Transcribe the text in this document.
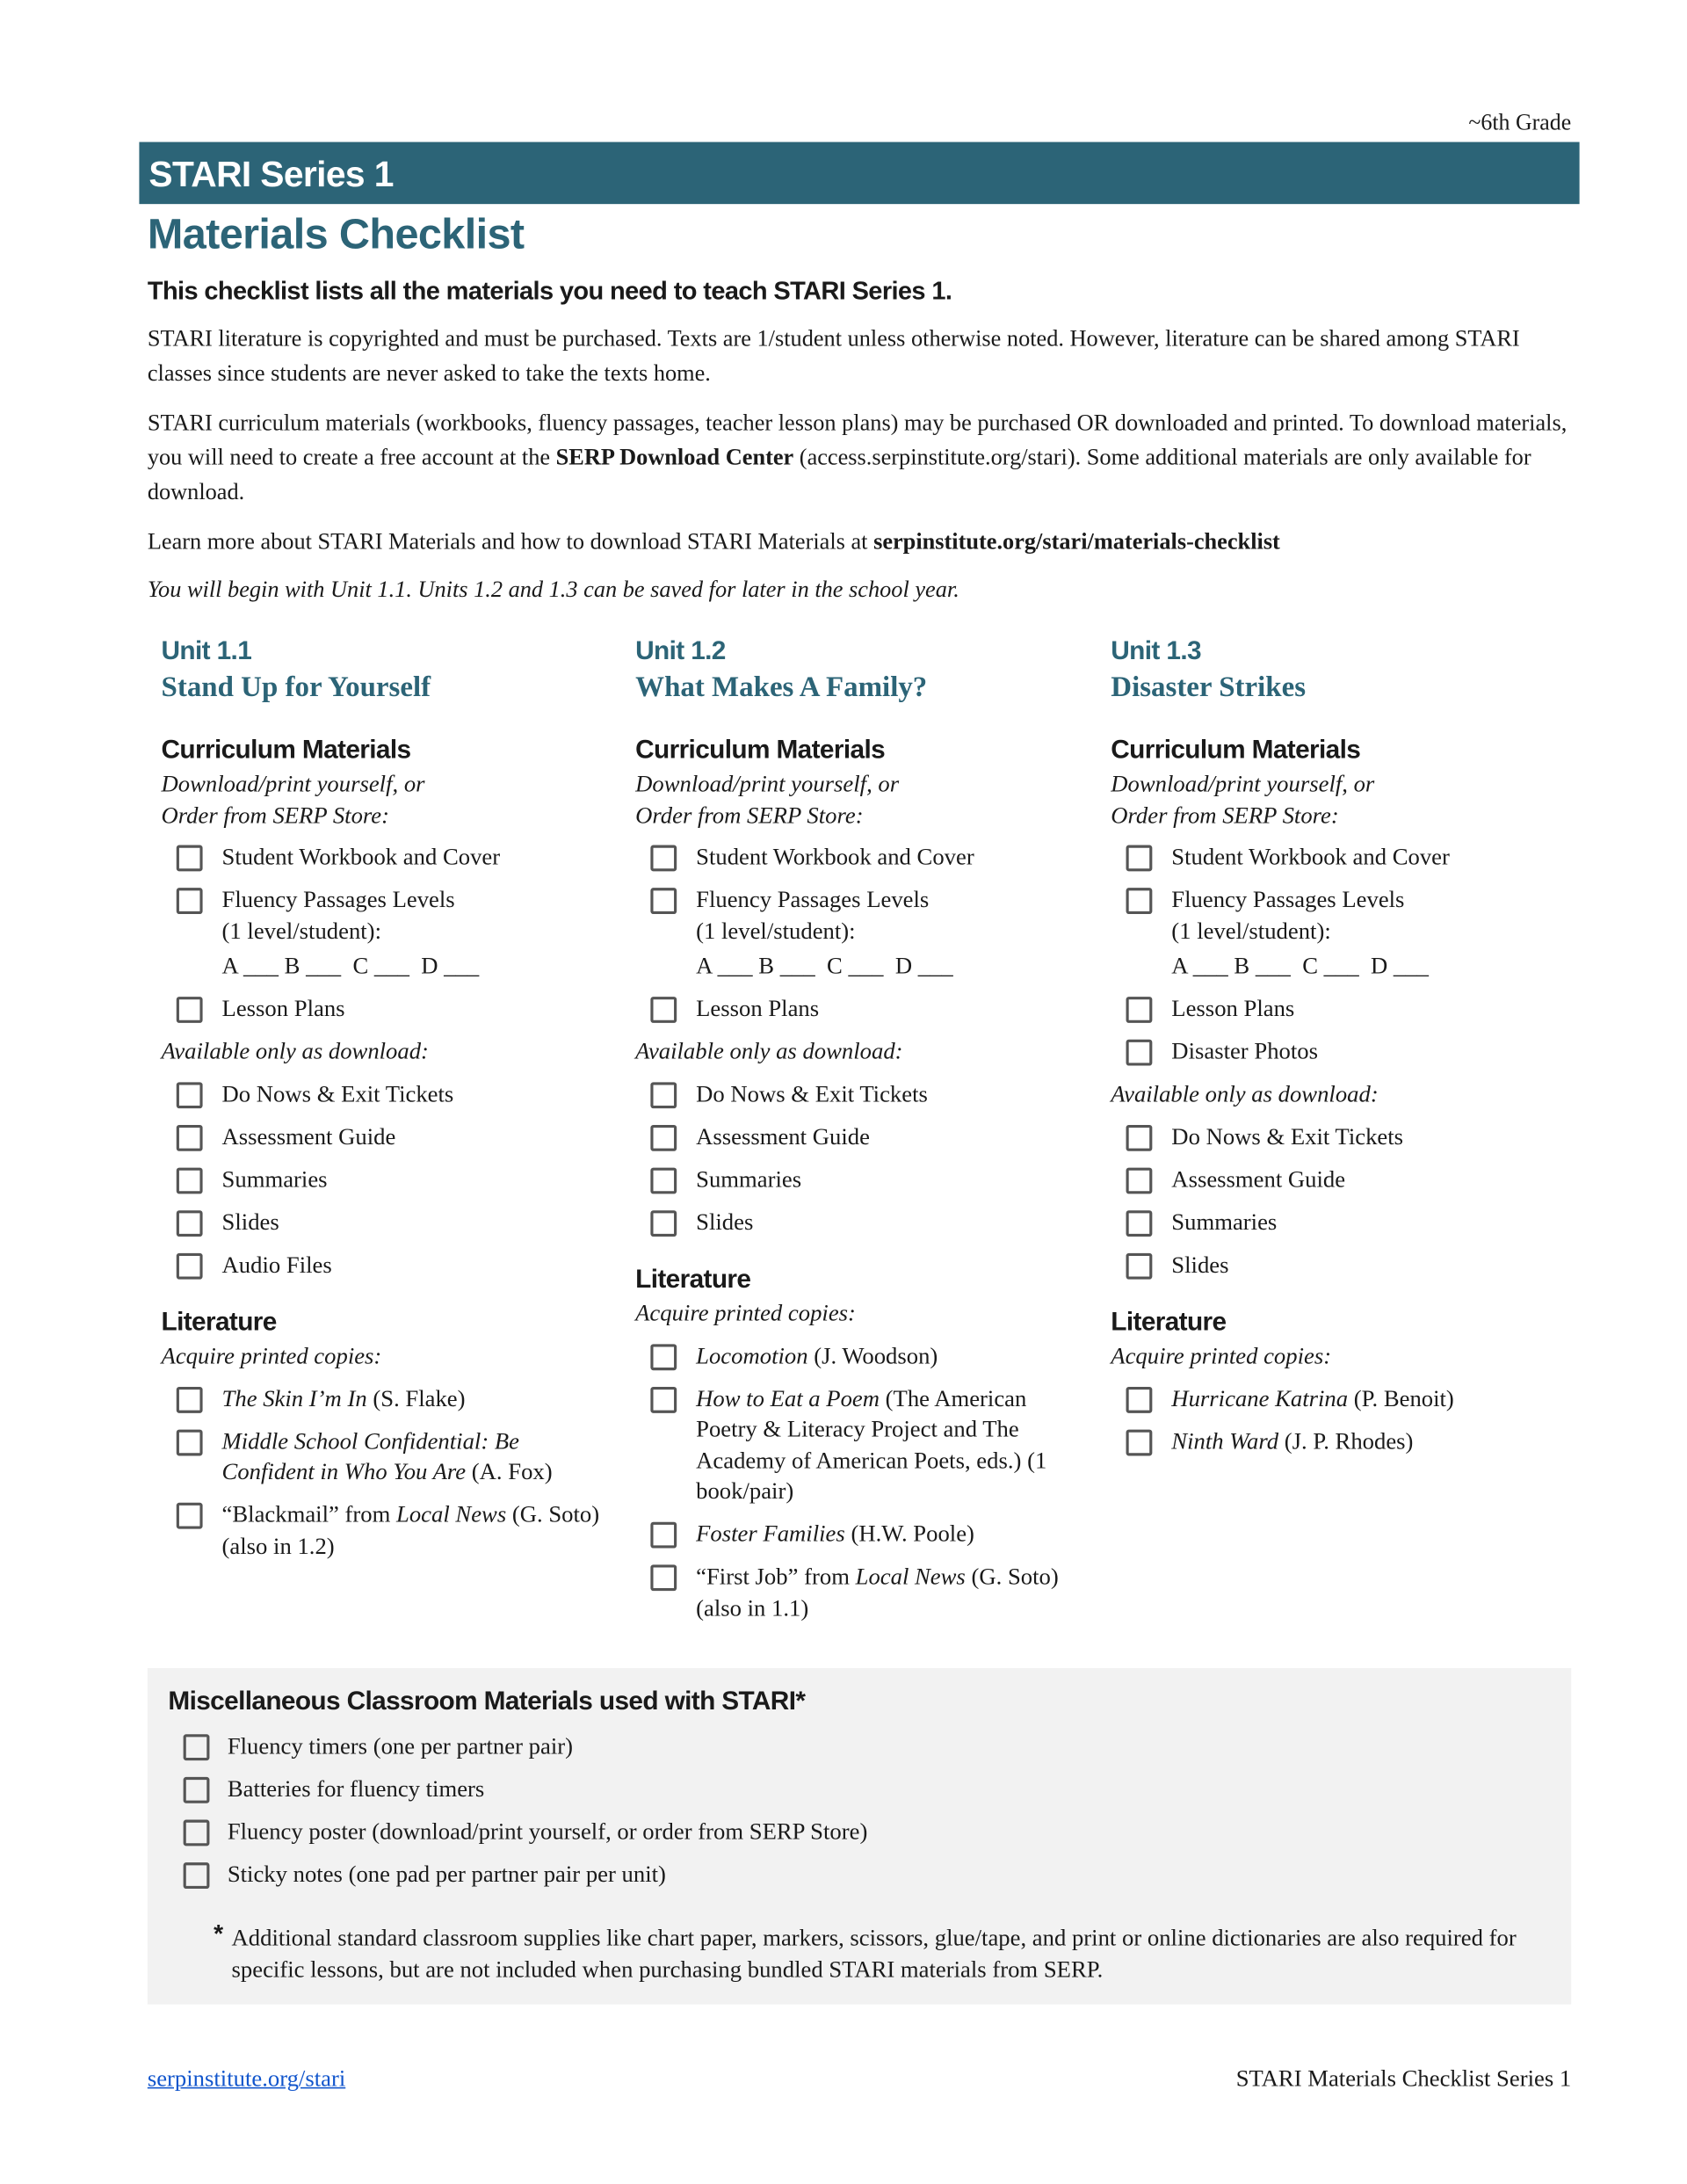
~6th Grade
STARI Series 1
Materials Checklist
This checklist lists all the materials you need to teach STARI Series 1.
STARI literature is copyrighted and must be purchased. Texts are 1/student unless otherwise noted. However, literature can be shared among STARI classes since students are never asked to take the texts home.
STARI curriculum materials (workbooks, fluency passages, teacher lesson plans) may be purchased OR downloaded and printed. To download materials, you will need to create a free account at the SERP Download Center (access.serpinstitute.org/stari). Some additional materials are only available for download.
Learn more about STARI Materials and how to download STARI Materials at serpinstitute.org/stari/materials-checklist
You will begin with Unit 1.1. Units 1.2 and 1.3 can be saved for later in the school year.
Unit 1.1
Stand Up for Yourself
Curriculum Materials
Download/print yourself, or
Order from SERP Store:
Student Workbook and Cover
Fluency Passages Levels
(1 level/student):
A ___ B ___  C ___  D ___
Lesson Plans
Available only as download:
Do Nows & Exit Tickets
Assessment Guide
Summaries
Slides
Audio Files
Literature
Acquire printed copies:
The Skin I’m In (S. Flake)
Middle School Confidential: Be Confident in Who You Are (A. Fox)
“Blackmail” from Local News (G. Soto) (also in 1.2)
Unit 1.2
What Makes A Family?
Curriculum Materials
Download/print yourself, or
Order from SERP Store:
Student Workbook and Cover
Fluency Passages Levels
(1 level/student):
A ___ B ___  C ___  D ___
Lesson Plans
Available only as download:
Do Nows & Exit Tickets
Assessment Guide
Summaries
Slides
Literature
Acquire printed copies:
Locomotion (J. Woodson)
How to Eat a Poem (The American Poetry & Literacy Project and The Academy of American Poets, eds.) (1 book/pair)
Foster Families (H.W. Poole)
“First Job” from Local News (G. Soto) (also in 1.1)
Unit 1.3
Disaster Strikes
Curriculum Materials
Download/print yourself, or
Order from SERP Store:
Student Workbook and Cover
Fluency Passages Levels
(1 level/student):
A ___ B ___  C ___  D ___
Lesson Plans
Disaster Photos
Available only as download:
Do Nows & Exit Tickets
Assessment Guide
Summaries
Slides
Literature
Acquire printed copies:
Hurricane Katrina (P. Benoit)
Ninth Ward (J. P. Rhodes)
Miscellaneous Classroom Materials used with STARI*
Fluency timers (one per partner pair)
Batteries for fluency timers
Fluency poster (download/print yourself, or order from SERP Store)
Sticky notes (one pad per partner pair per unit)
* Additional standard classroom supplies like chart paper, markers, scissors, glue/tape, and print or online dictionaries are also required for specific lessons, but are not included when purchasing bundled STARI materials from SERP.
serpinstitute.org/stari	STARI Materials Checklist Series 1
